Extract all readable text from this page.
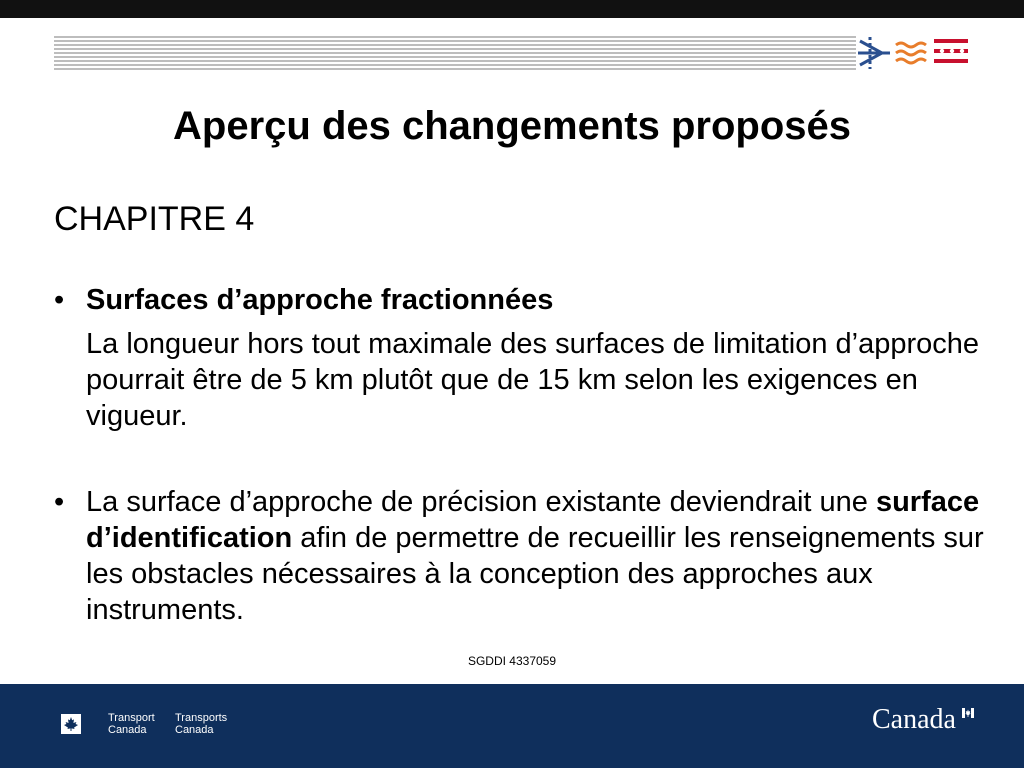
Aperçu des changements proposés

CHAPITRE 4

• Surfaces d’approche fractionnées

La longueur hors tout maximale des surfaces de limitation d’approche pourrait être de 5 km plutôt que de 15 km selon les exigences en vigueur.

• La surface d’approche de précision existante deviendrait une surface d’identification afin de permettre de recueillir les renseignements sur les obstacles nécessaires à la conception des approches aux instruments.
SGDDI 4337059
Transport
Canada
Transports
Canada	Canada
